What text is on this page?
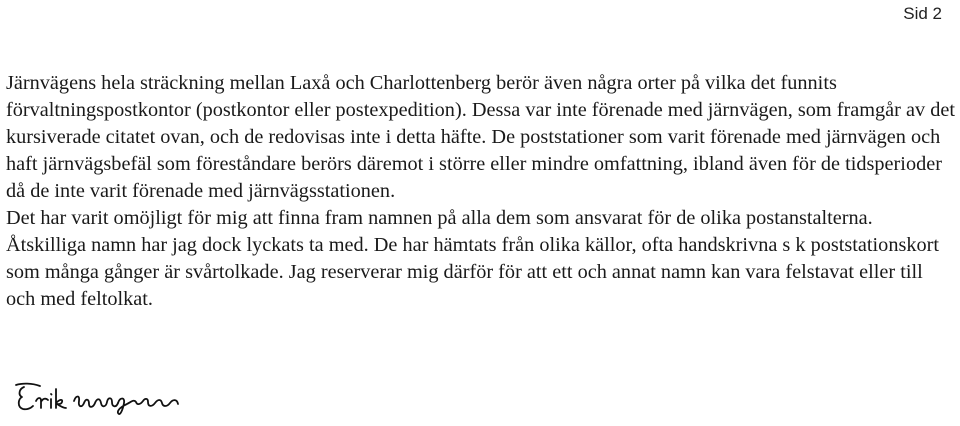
Sid 2

Järnvägens hela sträckning mellan Laxå och Charlottenberg berör även några orter på vilka det funnits förvaltningspostkontor (postkontor eller postexpedition). Dessa var inte förenade med järnvägen, som framgår av det kursiverade citatet ovan, och de redovisas inte i detta häfte. De poststationer som varit förenade med järnvägen och haft järnvägsbefäl som föreståndare berörs däremot i större eller mindre omfattning, ibland även för de tidsperioder då de inte varit förenade med järnvägsstationen.

Det har varit omöjligt för mig att finna fram namnen på alla dem som ansvarat för de olika postanstalterna. Åtskilliga namn har jag dock lyckats ta med. De har hämtats från olika källor, ofta handskrivna s k poststationskort som många gånger är svårtolkade. Jag reserverar mig därför för att ett och annat namn kan vara felstavat eller till och med feltolkat.
